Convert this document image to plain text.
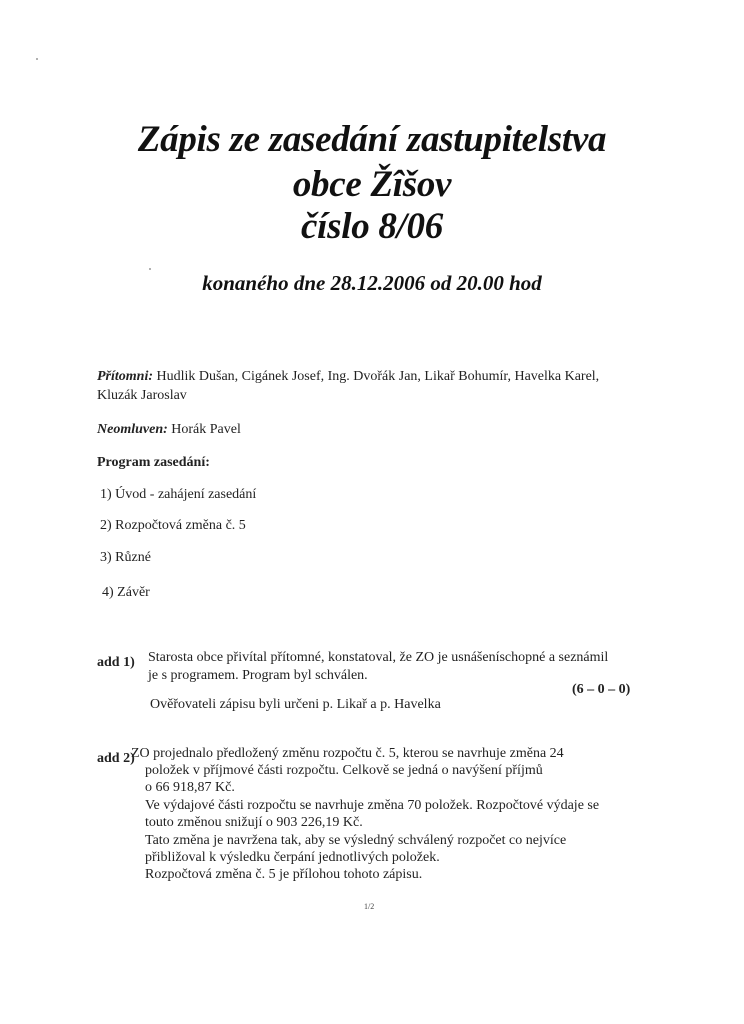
Zápis ze zasedání zastupitelstva
obce Žîšov
číslo 8/06
konaného dne 28.12.2006 od 20.00 hod
Přítomni: Hudlik Dušan, Cigánek Josef, Ing. Dvořák Jan, Likař Bohumír, Havelka Karel,
Kluzák Jaroslav
Neomluven: Horák Pavel
Program zasedání:
1) Úvod - zahájení zasedání
2) Rozpočtová změna č. 5
3) Různé
4) Závěr
add 1) Starosta obce přivítal přítomné, konstatoval, že ZO je usnášeníschopné a seznámil
je s programem. Program byl schválen.
(6 – 0 – 0)
Ověřovateli zápisu byli určeni p. Likař a p. Havelka
add 2)
ZO projednalo předložený změnu rozpočtu č. 5, kterou se navrhuje změna 24
položek v příjmové části rozpočtu. Celkově se jedná o navýšení příjmů
o 66 918,87 Kč.
Ve výdajové části rozpočtu se navrhuje změna 70 položek. Rozpočtové výdaje se
touto změnou snižují o 903 226,19 Kč.
Tato změna je navržena tak, aby se výsledný schválený rozpočet co nejvíce
přibližoval k výsledku čerpání jednotlivých položek.
Rozpočtová změna č. 5 je přílohou tohoto zápisu.
1/2
